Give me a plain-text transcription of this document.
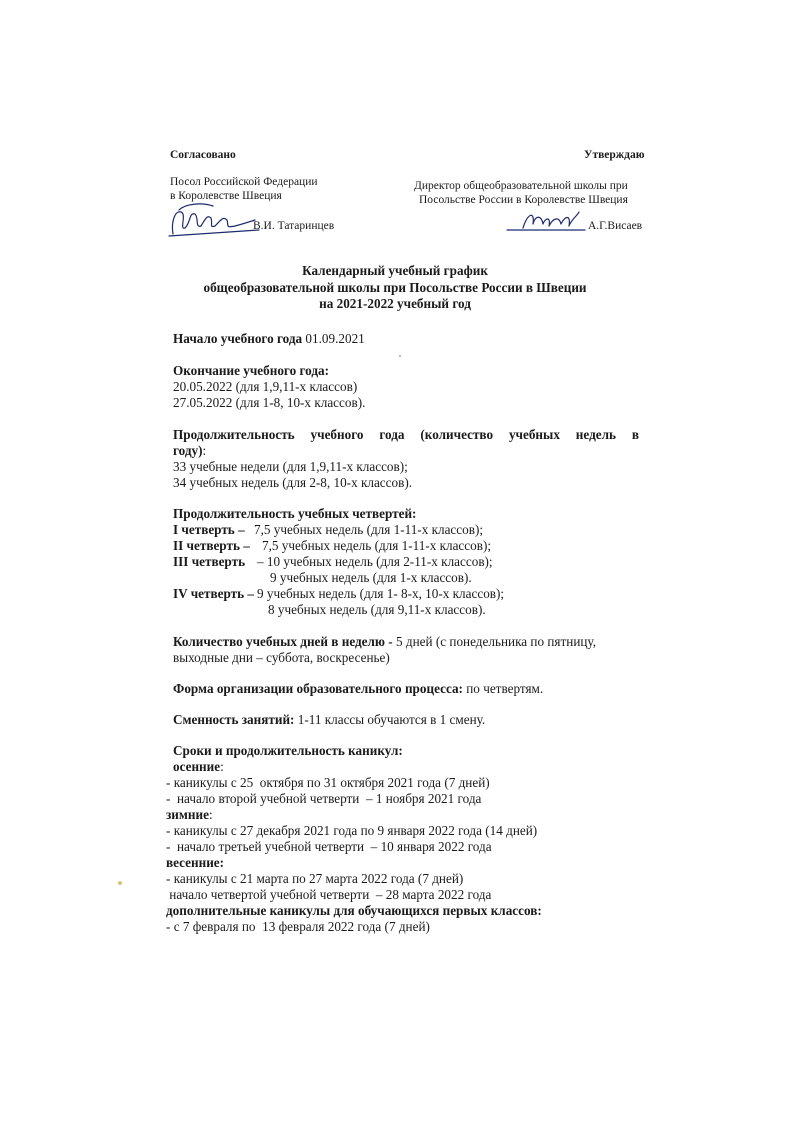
Согласовано
Посол Российской Федерации
в Королевстве Швеция
В.И. Татаринцев
Утверждаю
Директор общеобразовательной школы при
Посольстве России в Королевстве Швеция
А.Г.Висаев
Календарный учебный график
общеобразовательной школы при Посольстве России в Швеции
на 2021-2022 учебный год
Начало учебного года 01.09.2021
Окончание учебного года:
20.05.2022 (для 1,9,11-х классов)
27.05.2022 (для 1-8, 10-х классов).
Продолжительность учебного года (количество учебных недель в
году):
33 учебные недели (для 1,9,11-х классов);
34 учебных недель (для 2-8, 10-х классов).
Продолжительность учебных четвертей:
I четверть – 7,5 учебных недель (для 1-11-х классов);
II четверть – 7,5 учебных недель (для 1-11-х классов);
III четверть – 10 учебных недель (для 2-11-х классов);
9 учебных недель (для 1-х классов).
IV четверть – 9 учебных недель (для 1- 8-х, 10-х классов);
8 учебных недель (для 9,11-х классов).
Количество учебных дней в неделю - 5 дней (с понедельника по пятницу,
выходные дни – суббота, воскресенье)
Форма организации образовательного процесса: по четвертям.
Сменность занятий: 1-11 классы обучаются в 1 смену.
Сроки и продолжительность каникул:
осенние:
- каникулы с 25  октября по 31 октября 2021 года (7 дней)
-  начало второй учебной четверти  – 1 ноября 2021 года
зимние:
- каникулы с 27 декабря 2021 года по 9 января 2022 года (14 дней)
-  начало третьей учебной четверти  – 10 января 2022 года
весенние:
- каникулы с 21 марта по 27 марта 2022 года (7 дней)
начало четвертой учебной четверти  – 28 марта 2022 года
дополнительные каникулы для обучающихся первых классов:
- с 7 февраля по  13 февраля 2022 года (7 дней)
